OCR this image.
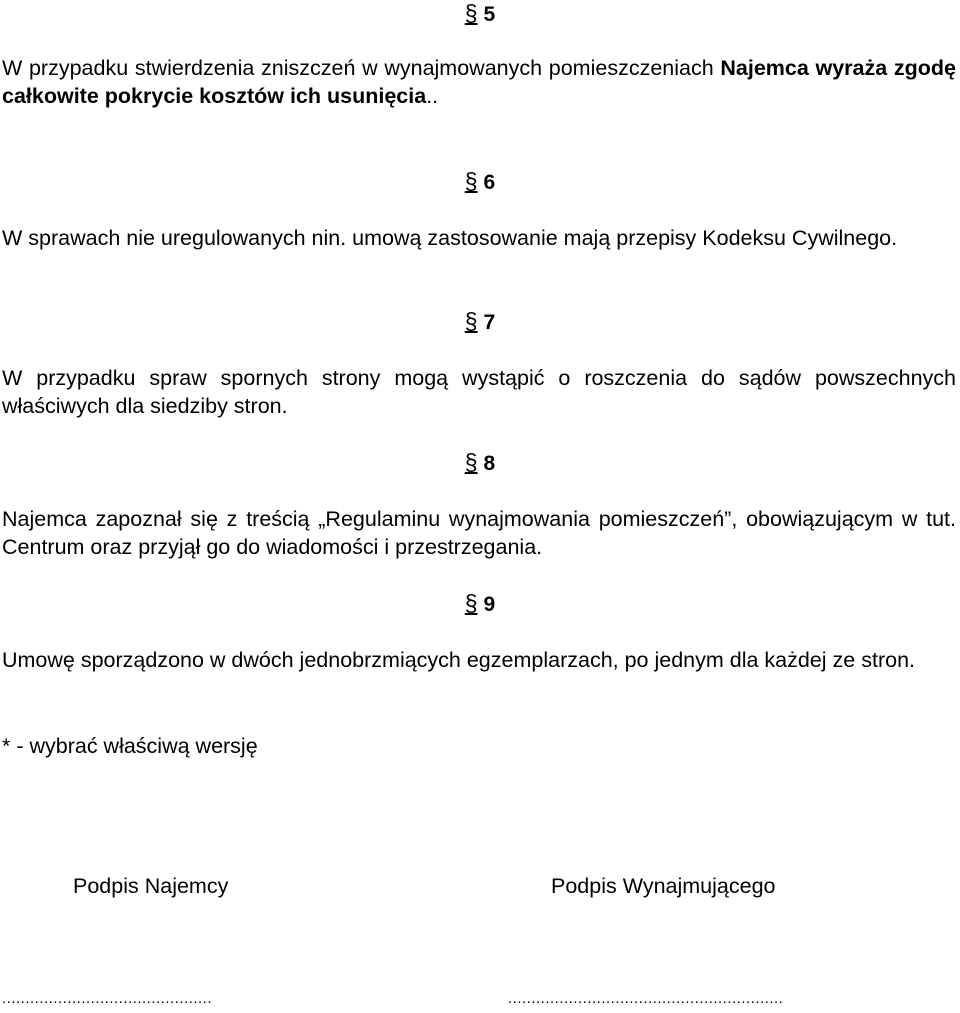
§ 5
W przypadku stwierdzenia zniszczeń w wynajmowanych pomieszczeniach Najemca wyraża zgodę całkowite pokrycie kosztów ich usunięcia..
§ 6
W sprawach nie uregulowanych nin. umową zastosowanie mają przepisy Kodeksu Cywilnego.
§ 7
W przypadku spraw spornych strony mogą wystąpić o roszczenia do sądów powszechnych właściwych dla siedziby stron.
§ 8
Najemca zapoznał się z treścią „Regulaminu wynajmowania pomieszczeń”, obowiązującym w tut. Centrum oraz przyjął go do wiadomości i przestrzegania.
§ 9
Umowę sporządzono w dwóch jednobrzmiących egzemplarzach, po jednym dla każdej ze stron.
* - wybrać właściwą wersję
Podpis Najemcy	Podpis Wynajmującego
.............................................	...........................................................
